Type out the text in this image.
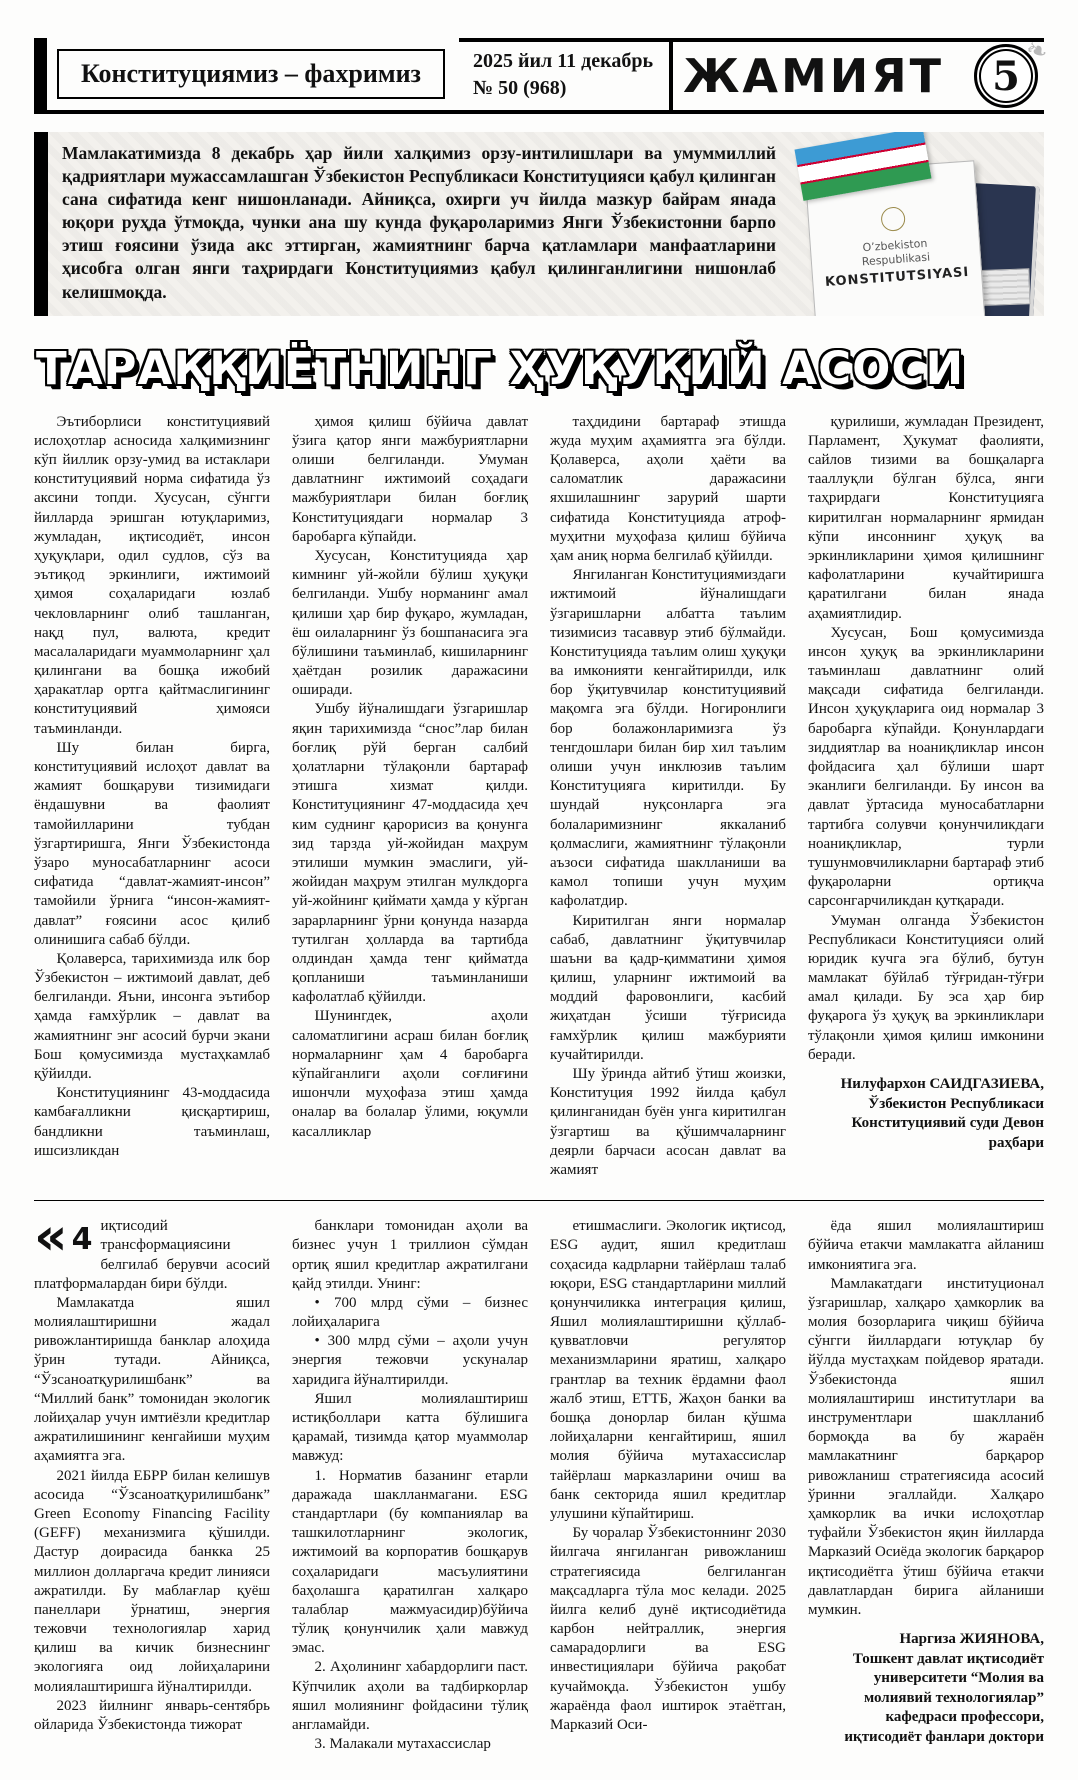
Конституциямиз – фахримиз	2025 йил 11 декабрь
№ 50 (968)	ЖАМИЯТ	❧
5
Мамлакатимизда 8 декабрь ҳар йили халқимиз орзу-интилишлари ва умуммиллий қадриятлари мужассамлашган Ўзбекистон Республикаси Конституцияси қабул қилинган сана сифатида кенг нишонланади. Айниқса, охирги уч йилда мазкур байрам янада юқори руҳда ўтмоқда, чунки ана шу кунда фуқароларимиз Янги Ўзбекистонни барпо этиш ғоясини ўзида акс эттирган, жамиятнинг барча қатламлари манфаатларини ҳисобга олган янги таҳрирдаги Конституциямиз қабул қилинганлигини нишонлаб келишмоқда.
O’zbekiston
Respublikasi
KONSTITUTSIYASI
ТАРАҚҚИЁТНИНГ ҲУҚУҚИЙ АСОСИ

Эътиборлиси конституциявий ислоҳотлар асносида халқимизнинг кўп йиллик орзу-умид ва истаклари конституциявий норма сифатида ўз аксини топди. Хусусан, сўнгги йилларда эришган ютуқларимиз, жумладан, иқтисодиёт, инсон ҳуқуқлари, одил судлов, сўз ва эътиқод эркинлиги, ижтимоий ҳимоя соҳаларидаги юзлаб чекловларнинг олиб ташланган, нақд пул, валюта, кредит масалаларидаги муаммоларнинг ҳал қилингани ва бошқа ижобий ҳаракатлар ортга қайтмаслигининг конституциявий ҳимояси таъминланди.

Шу билан бирга, конституциявий ислоҳот давлат ва жамият бошқаруви тизимидаги ёндашувни ва фаолият тамойилларини тубдан ўзгартиришга, Янги Ўзбекистонда ўзаро муносабатларнинг асоси сифатида “давлат-жамият-инсон” тамойили ўрнига “инсон-жамият-давлат” ғоясини асос қилиб олинишига сабаб бўлди.

Қолаверса, тарихимизда илк бор Ўзбекистон – ижтимоий давлат, деб белгиланди. Яъни, инсонга эътибор ҳамда ғамхўрлик – давлат ва жамиятнинг энг асосий бурчи экани Бош қомусимизда мустаҳкамлаб қўйилди.

Конституциянинг 43-моддасида камбағалликни қисқартириш, бандликни таъминлаш, ишсизликдан

ҳимоя қилиш бўйича давлат ўзига қатор янги мажбуриятларни олиши белгиланди. Умуман давлатнинг ижтимоий соҳадаги мажбуриятлари билан боғлиқ Конституциядаги нормалар 3 баробарга кўпайди.

Хусусан, Конституцияда ҳар кимнинг уй-жойли бўлиш ҳуқуқи белгиланди. Ушбу норманинг амал қилиши ҳар бир фуқаро, жумладан, ёш оилаларнинг ўз бошпанасига эга бўлишини таъминлаб, кишиларнинг ҳаётдан розилик даражасини оширади.

Ушбу йўналишдаги ўзгаришлар яқин тарихимизда “снос”лар билан боғлиқ рўй берган салбий ҳолатларни тўлақонли бартараф этишга хизмат қилди. Конституциянинг 47-моддасида ҳеч ким суднинг қарорисиз ва қонунга зид тарзда уй-жойидан маҳрум этилиши мумкин эмаслиги, уй-жойидан маҳрум этилган мулкдорга уй-жойнинг қиймати ҳамда у кўрган зарарларнинг ўрни қонунда назарда тутилган ҳолларда ва тартибда олдиндан ҳамда тенг қийматда қопланиши таъминланиши кафолатлаб қўйилди.

Шунингдек, аҳоли саломатлигини асраш билан боғлиқ нормаларнинг ҳам 4 баробарга кўпайганлиги аҳоли соғлиғини ишончли муҳофаза этиш ҳамда оналар ва болалар ўлими, юқумли касалликлар

таҳдидини бартараф этишда жуда муҳим аҳамиятга эга бўлди. Қолаверса, аҳоли ҳаёти ва саломатлик даражасини яхшилашнинг зарурий шарти сифатида Конституцияда атроф-муҳитни муҳофаза қилиш бўйича ҳам аниқ норма белгилаб қўйилди.

Янгиланган Конституциямиздаги ижтимоий йўналишдаги ўзгаришларни албатта таълим тизимисиз тасаввур этиб бўлмайди. Конституцияда таълим олиш ҳуқуқи ва имконияти кенгайтирилди, илк бор ўқитувчилар конституциявий мақомга эга бўлди. Ногиронлиги бор болажонларимизга ўз тенгдошлари билан бир хил таълим олиши учун инклюзив таълим Конституцияга киритилди. Бу шундай нуқсонларга эга болаларимизнинг яккаланиб қолмаслиги, жамиятнинг тўлақонли аъзоси сифатида шаклланиши ва камол топиши учун муҳим кафолатдир.

Киритилган янги нормалар сабаб, давлатнинг ўқитувчилар шаъни ва қадр-қимматини ҳимоя қилиш, уларнинг ижтимоий ва моддий фаровонлиги, касбий жиҳатдан ўсиши тўғрисида ғамхўрлик қилиш мажбурияти кучайтирилди.

Шу ўринда айтиб ўтиш жоизки, Конституция 1992 йилда қабул қилинганидан буён унга киритилган ўзгартиш ва қўшимчаларнинг деярли барчаси асосан давлат ва жамият

қурилиши, жумладан Президент, Парламент, Ҳукумат фаолияти, сайлов тизими ва бошқаларга тааллуқли бўлган бўлса, янги таҳрирдаги Конституцияга киритилган нормаларнинг ярмидан кўпи инсоннинг ҳуқуқ ва эркинликларини ҳимоя қилишнинг кафолатларини кучайтиришга қаратилгани билан янада аҳамиятлидир.

Хусусан, Бош қомусимизда инсон ҳуқуқ ва эркинликларини таъминлаш давлатнинг олий мақсади сифатида белгиланди. Инсон ҳуқуқларига оид нормалар 3 баробарга кўпайди. Қонунлардаги зиддиятлар ва ноаниқликлар инсон фойдасига ҳал бўлиши шарт эканлиги белгиланди. Бу инсон ва давлат ўртасида муносабатларни тартибга солувчи қонунчиликдаги ноаниқликлар, турли тушунмовчиликларни бартараф этиб фуқароларни ортиқча сарсонгарчиликдан қутқаради.

Умуман олганда Ўзбекистон Республикаси Конституцияси олий юридик кучга эга бўлиб, бутун мамлакат бўйлаб тўғридан-тўғри амал қилади. Бу эса ҳар бир фуқарога ўз ҳуқуқ ва эркинликлари тўлақонли ҳимоя қилиш имконини беради.

Нилуфархон САИДГАЗИЕВА,
Ўзбекистон Республикаси
Конституциявий суди Девон
раҳбари

« 4 иқтисодий трансформациясини белгилаб берувчи асосий платформалардан бири бўлди.

Мамлакатда яшил молиялаштиришни жадал ривожлантиришда банклар алоҳида ўрин тутади. Айниқса, “Ўзсаноатқурилишбанк” ва “Миллий банк” томонидан экологик лойиҳалар учун имтиёзли кредитлар ажратилишининг кенгайиши муҳим аҳамиятга эга.

2021 йилда ЕБРР билан келишув асосида “Ўзсаноатқурилишбанк” Green Economy Financing Facility (GEFF) механизмига қўшилди. Дастур доирасида банкка 25 миллион долларгача кредит линияси ажратилди. Бу маблағлар қуёш панеллари ўрнатиш, энергия тежовчи технологиялар харид қилиш ва кичик бизнеснинг экологияга оид лойиҳаларини молиялаштиришга йўналтирилди.

2023 йилнинг январь-сентябрь ойларида Ўзбекистонда тижорат

банклари томонидан аҳоли ва бизнес учун 1 триллион сўмдан ортиқ яшил кредитлар ажратилгани қайд этилди. Унинг:

• 700 млрд сўми – бизнес лойиҳаларига

• 300 млрд сўми – аҳоли учун энергия тежовчи ускуналар харидига йўналтирилди.

Яшил молиялаштириш истиқболлари катта бўлишига қарамай, тизимда қатор муаммолар мавжуд:

1. Норматив базанинг етарли даражада шаклланмагани. ESG стандартлари (бу компаниялар ва ташкилотларнинг экологик, ижтимоий ва корпоратив бошқарув соҳаларидаги масъулиятини баҳолашга қаратилган халқаро талаблар мажмуасидир)бўйича тўлиқ қонунчилик ҳали мавжуд эмас.

2. Аҳолининг хабардорлиги паст. Кўпчилик аҳоли ва тадбиркорлар яшил молиянинг фойдасини тўлиқ англамайди.

3. Малакали мутахассислар

етишмаслиги. Экологик иқтисод, ESG аудит, яшил кредитлаш соҳасида кадрларни тайёрлаш талаб юқори, ESG стандартларини миллий қонунчиликка интеграция қилиш, Яшил молиялаштиришни қўллаб-қувватловчи регулятор механизмларини яратиш, халқаро грантлар ва техник ёрдамни фаол жалб этиш, ЕТТБ, Жаҳон банки ва бошқа донорлар билан қўшма лойиҳаларни кенгайтириш, яшил молия бўйича мутахассислар тайёрлаш марказларини очиш ва банк секторида яшил кредитлар улушини кўпайтириш.

Бу чоралар Ўзбекистоннинг 2030 йилгача янгиланган ривожланиш стратегиясида белгиланган мақсадларга тўла мос келади. 2025 йилга келиб дунё иқтисодиётида карбон нейтраллик, энергия самарадорлиги ва ESG инвестициялари бўйича рақобат кучаймоқда. Ўзбекистон ушбу жараёнда фаол иштирок этаётган, Марказий Оси-

ёда яшил молиялаштириш бўйича етакчи мамлакатга айланиш имкониятига эга.

Мамлакатдаги институционал ўзгаришлар, халқаро ҳамкорлик ва молия бозорларига чиқиш бўйича сўнгги йиллардаги ютуқлар бу йўлда мустаҳкам пойдевор яратади. Ўзбекистонда яшил молиялаштириш институтлари ва инструментлари шаклланиб бормоқда ва бу жараён мамлакатнинг барқарор ривожланиш стратегиясида асосий ўринни эгаллайди. Халқаро ҳамкорлик ва ички ислоҳотлар туфайли Ўзбекистон яқин йилларда Марказий Осиёда экологик барқарор иқтисодиётга ўтиш бўйича етакчи давлатлардан бирига айланиши мумкин.

Наргиза ЖИЯНОВА,
Тошкент давлат иқтисодиёт
университети “Молия ва
молиявий технологиялар”
кафедраси профессори,
иқтисодиёт фанлари доктори
